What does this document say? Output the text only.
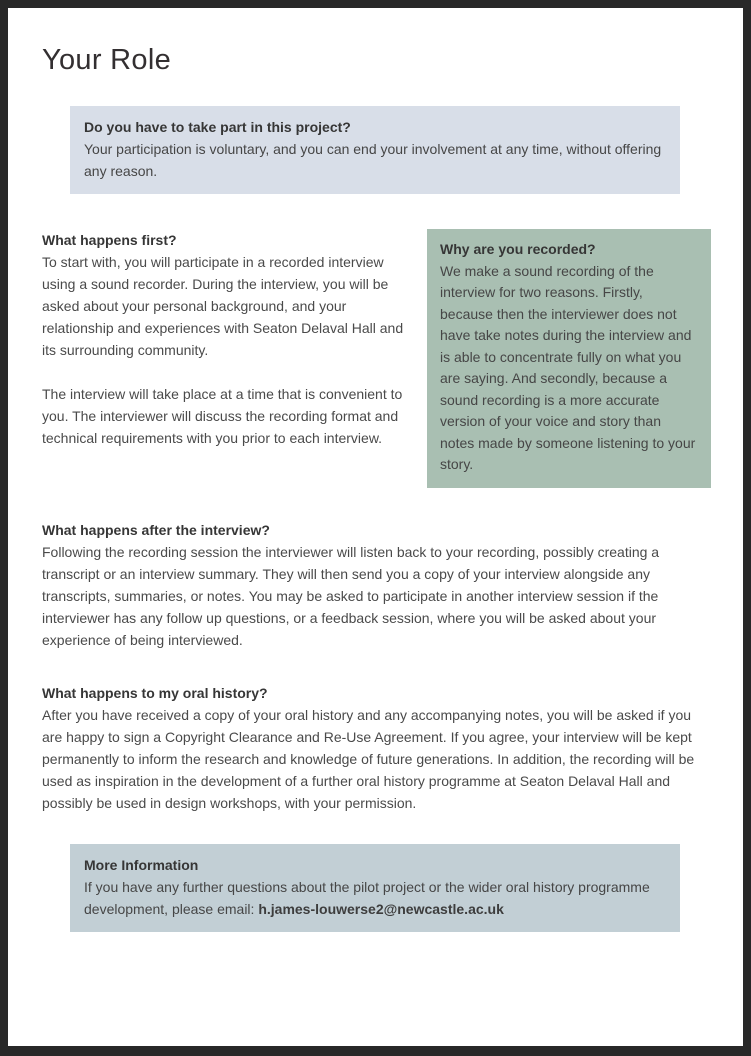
Your Role

Do you have to take part in this project?

Your participation is voluntary, and you can end your involvement at any time, without offering any reason.

What happens first?

To start with, you will participate in a recorded interview using a sound recorder. During the interview, you will be asked about your personal background, and your relationship and experiences with Seaton Delaval Hall and its surrounding community.

The interview will take place at a time that is convenient to you. The interviewer will discuss the recording format and technical requirements with you prior to each interview.

Why are you recorded?

We make a sound recording of the interview for two reasons. Firstly, because then the interviewer does not have take notes during the interview and is able to concentrate fully on what you are saying. And secondly, because a sound recording is a more accurate version of your voice and story than notes made by someone listening to your story.

What happens after the interview?

Following the recording session the interviewer will listen back to your recording, possibly creating a transcript or an interview summary. They will then send you a copy of your interview alongside any transcripts, summaries, or notes. You may be asked to participate in another interview session if the interviewer has any follow up questions, or a feedback session, where you will be asked about your experience of being interviewed.

What happens to my oral history?

After you have received a copy of your oral history and any accompanying notes, you will be asked if you are happy to sign a Copyright Clearance and Re-Use Agreement. If you agree, your interview will be kept permanently to inform the research and knowledge of future generations. In addition, the recording will be used as inspiration in the development of a further oral history programme at Seaton Delaval Hall and possibly be used in design workshops, with your permission.

More Information

If you have any further questions about the pilot project or the wider oral history programme development, please email: h.james-louwerse2@newcastle.ac.uk
